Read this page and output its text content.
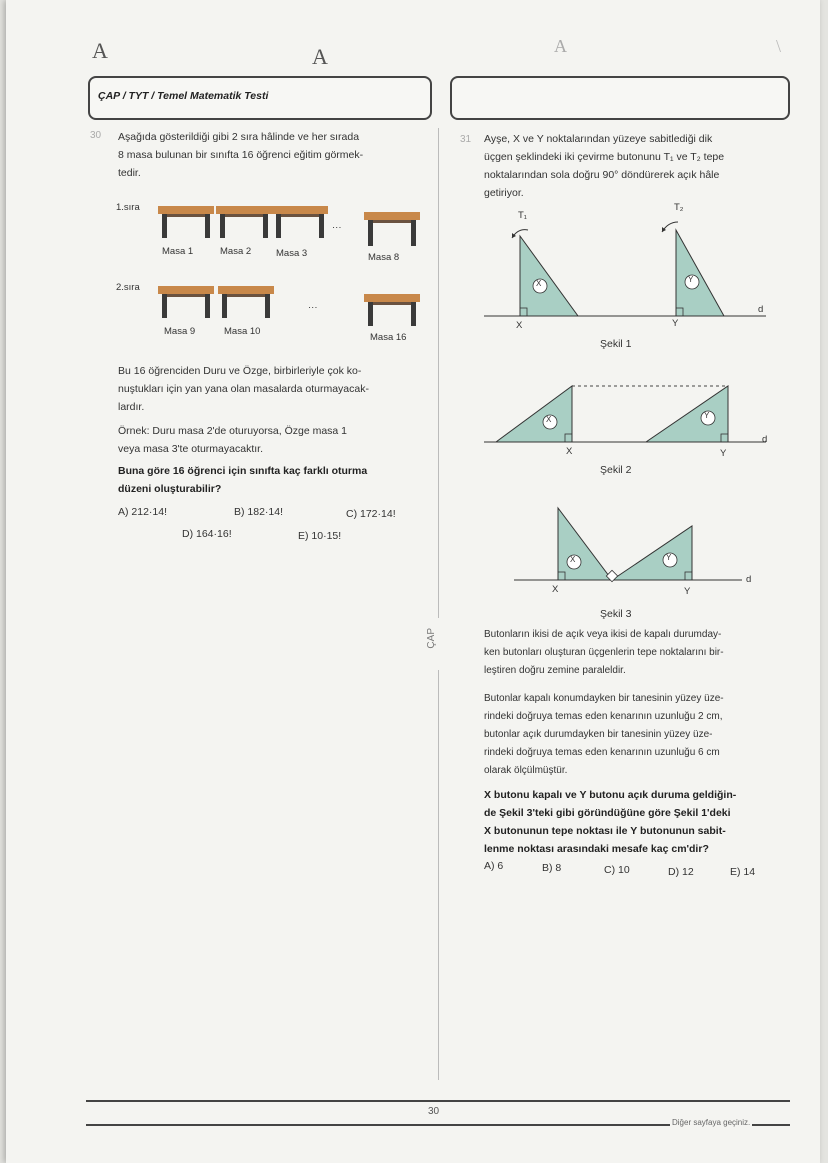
A	A	A	\
ÇAP / TYT / Temel Matematik Testi
ÇAP
30 Aşağıda gösterildiği gibi 2 sıra hâlinde ve her sırada
8 masa bulunan bir sınıfta 16 öğrenci eğitim görmek-
tedir.
1.sıra
2.sıra
···
···
Masa 1	Masa 2	Masa 3	Masa 8
Masa 9	Masa 10
Masa 16
Bu 16 öğrenciden Duru ve Özge, birbirleriyle çok ko-
nuştukları için yan yana olan masalarda oturmayacak-
lardır.
Örnek: Duru masa 2'de oturuyorsa, Özge masa 1
veya masa 3'te oturmayacaktır.
Buna göre 16 öğrenci için sınıfta kaç farklı oturma
düzeni oluşturabilir?
A) 212·14!	B) 182·14!	C) 172·14!
D) 164·16!	E) 10·15!
31 Ayşe, X ve Y noktalarından yüzeye sabitlediği dik
üçgen şeklindeki iki çevirme butonunu T₁ ve T₂ tepe
noktalarından sola doğru 90° döndürerek açık hâle
getiriyor.
T₁
T₂
X	Y
X	Y
d
Şekil 1
X	Y
X	Y
d
Şekil 2
X	Y
X	Y
d
Şekil 3
Butonların ikisi de açık veya ikisi de kapalı durumday-
ken butonları oluşturan üçgenlerin tepe noktalarını bir-
leştiren doğru zemine paraleldir.
Butonlar kapalı konumdayken bir tanesinin yüzey üze-
rindeki doğruya temas eden kenarının uzunluğu 2 cm,
butonlar açık durumdayken bir tanesinin yüzey üze-
rindeki doğruya temas eden kenarının uzunluğu 6 cm
olarak ölçülmüştür.
X butonu kapalı ve Y butonu açık duruma geldiğin-
de Şekil 3'teki gibi göründüğüne göre Şekil 1'deki
X butonunun tepe noktası ile Y butonunun sabit-
lenme noktası arasındaki mesafe kaç cm'dir?
A) 6	B) 8	C) 10	D) 12	E) 14
30
Diğer sayfaya geçiniz.
